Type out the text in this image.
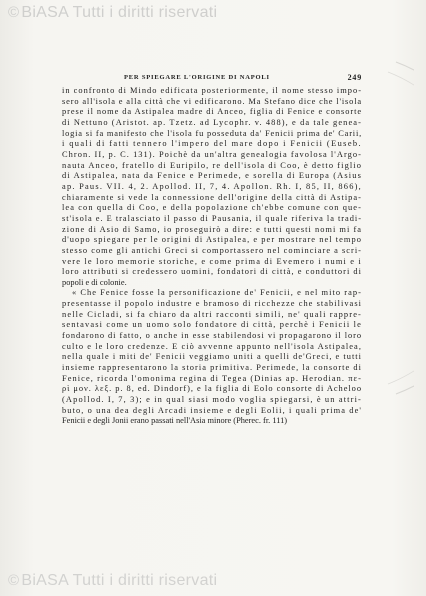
© BiASA Tutti i diritti riservati
PER SPIEGARE L'ORIGINE DI NAPOLI	249

in confronto di Mindo edificata posteriormente, il nome stesso impo-
sero all'isola e alla città che vi edificarono. Ma Stefano dice che l'isola
prese il nome da Astipalea madre di Anceo, figlia di Fenice e consorte
di Nettuno (Aristot. ap. Tzetz. ad Lycophr. v. 488), e da tale genea-
logia si fa manifesto che l'isola fu posseduta da' Fenicii prima de' Carii,
i quali di fatti tennero l'impero del mare dopo i Fenicii (Euseb.
Chron. II, p. C. 131). Poichè da un'altra genealogia favolosa l'Argo-
nauta Anceo, fratello di Euripilo, re dell'isola di Coo, è detto figlio
di Astipalea, nata da Fenice e Perimede, e sorella di Europa (Asius
ap. Paus. VII. 4, 2. Apollod. II, 7, 4. Apollon. Rh. I, 85, II, 866),
chiaramente si vede la connessione dell'origine della città di Astipa-
lea con quella di Coo, e della popolazione ch'ebbe comune con que-
st'isola e. E tralasciato il passo di Pausania, il quale riferiva la tradi-
zione di Asio di Samo, io proseguirò a dire: e tutti questi nomi mi fa
d'uopo spiegare per le origini di Astipalea, e per mostrare nel tempo
stesso come gli antichi Greci si comportassero nel cominciare a scri-
vere le loro memorie storiche, e come prima di Evemero i numi e i
loro attributi si credessero uomini, fondatori di città, e conduttori di
popoli e di colonie.

« Che Fenice fosse la personificazione de' Fenicii, e nel mito rap-
presentasse il popolo industre e bramoso di ricchezze che stabilivasi
nelle Cicladi, si fa chiaro da altri racconti simili, ne' quali rappre-
sentavasi come un uomo solo fondatore di città, perchè i Fenicii le
fondarono di fatto, o anche in esse stabilendosi vi propagarono il loro
culto e le loro credenze. E ciò avvenne appunto nell'isola Astipalea,
nella quale i miti de' Fenicii veggiamo uniti a quelli de'Greci, e tutti
insieme rappresentarono la storia primitiva. Perimede, la consorte di
Fenice, ricorda l'omonima regina di Tegea (Dinias ap. Herodian. πε-
ρὶ μον. λεξ. p. 8, ed. Dindorf), e la figlia di Eolo consorte di Acheloo
(Apollod. I, 7, 3); e in qual siasi modo voglia spiegarsi, è un attri-
buto, o una dea degli Arcadi insieme e degli Eolii, i quali prima de'
Fenicii e degli Jonii erano passati nell'Asia minore (Pherec. fr. 111)

© BiASA Tutti i diritti riservati
